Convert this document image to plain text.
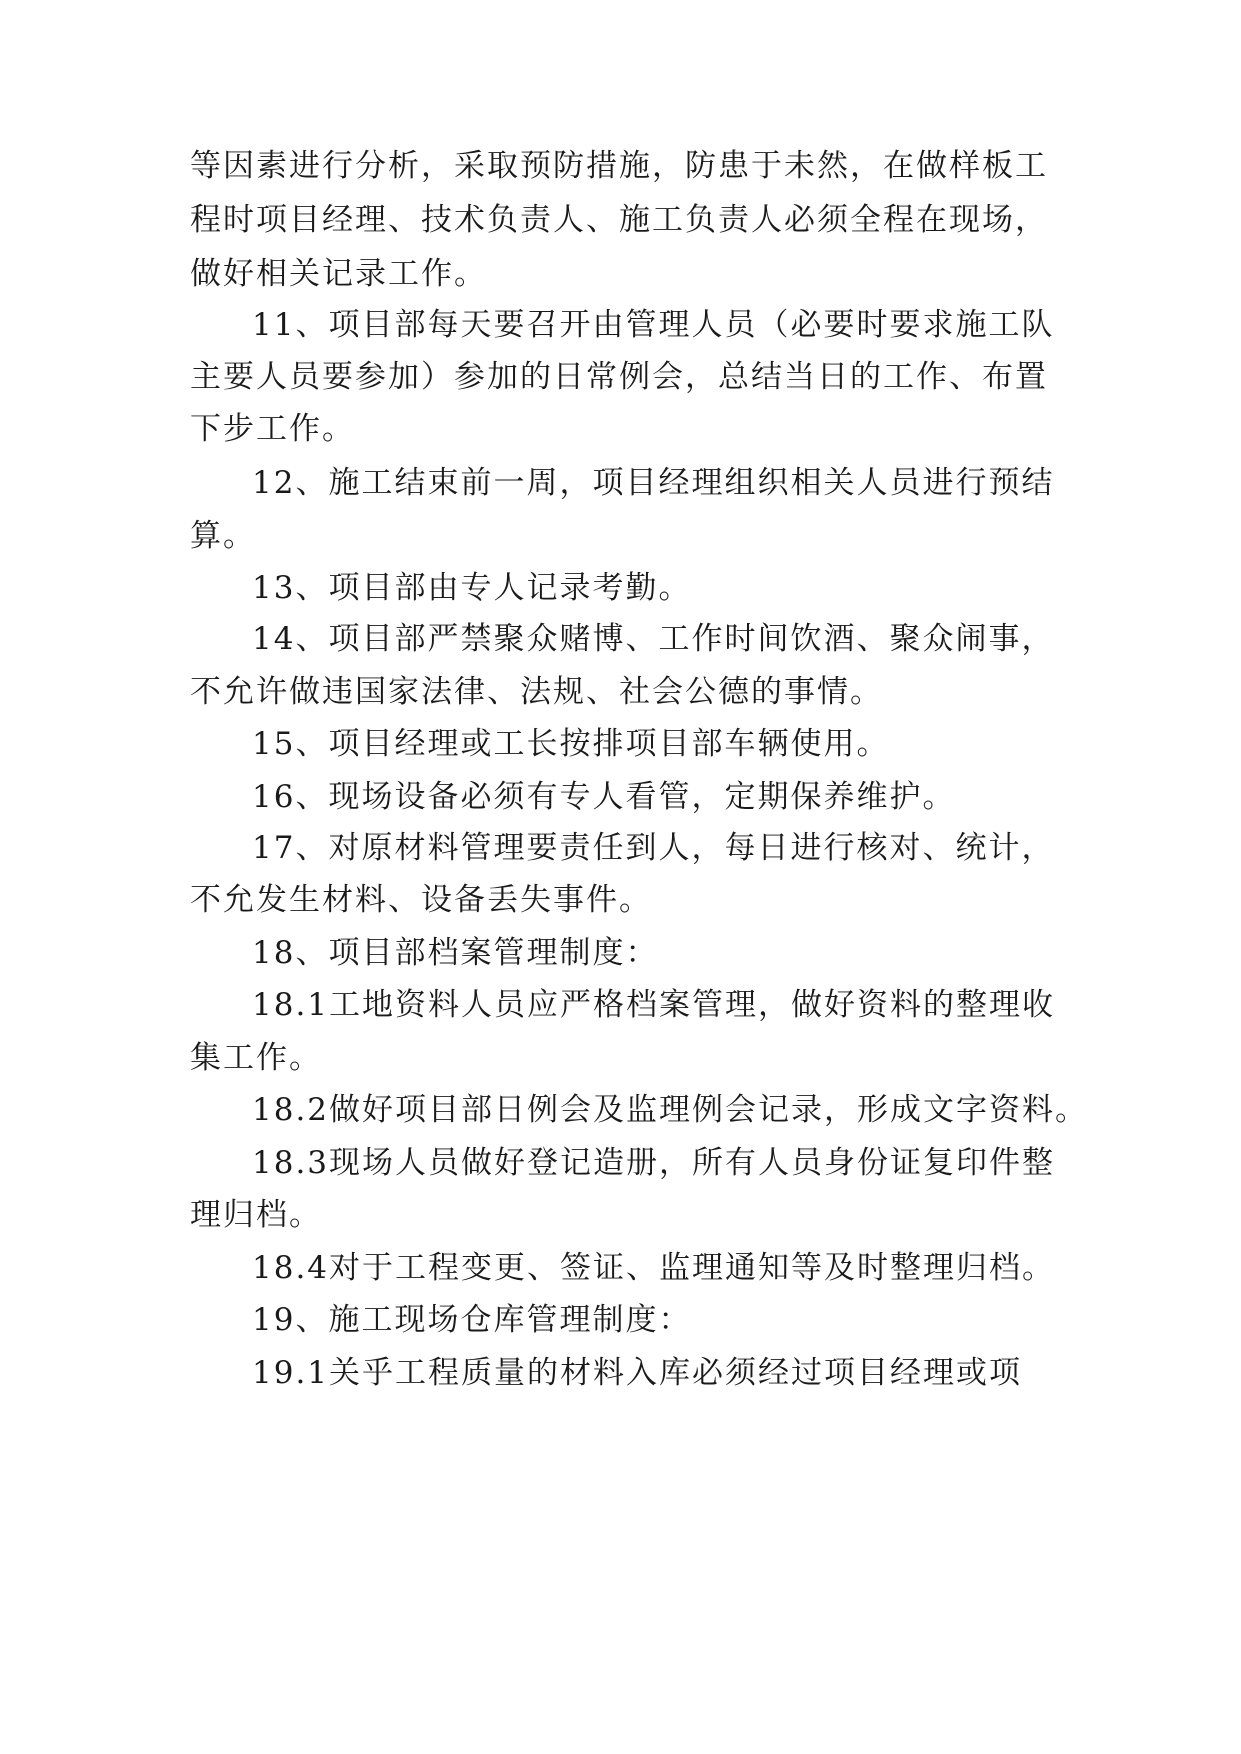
等因素进行分析，采取预防措施，防患于未然，在做样板工
程时项目经理、技术负责人、施工负责人必须全程在现场，
做好相关记录工作。
11、项目部每天要召开由管理人员（必要时要求施工队
主要人员要参加）参加的日常例会，总结当日的工作、布置
下步工作。
12、施工结束前一周，项目经理组织相关人员进行预结
算。
13、项目部由专人记录考勤。
14、项目部严禁聚众赌博、工作时间饮酒、聚众闹事，
不允许做违国家法律、法规、社会公德的事情。
15、项目经理或工长按排项目部车辆使用。
16、现场设备必须有专人看管，定期保养维护。
17、对原材料管理要责任到人，每日进行核对、统计，
不允发生材料、设备丢失事件。
18、项目部档案管理制度：
18.1工地资料人员应严格档案管理，做好资料的整理收
集工作。
18.2做好项目部日例会及监理例会记录，形成文字资料。
18.3现场人员做好登记造册，所有人员身份证复印件整
理归档。
18.4对于工程变更、签证、监理通知等及时整理归档。
19、施工现场仓库管理制度：
19.1关乎工程质量的材料入库必须经过项目经理或项
